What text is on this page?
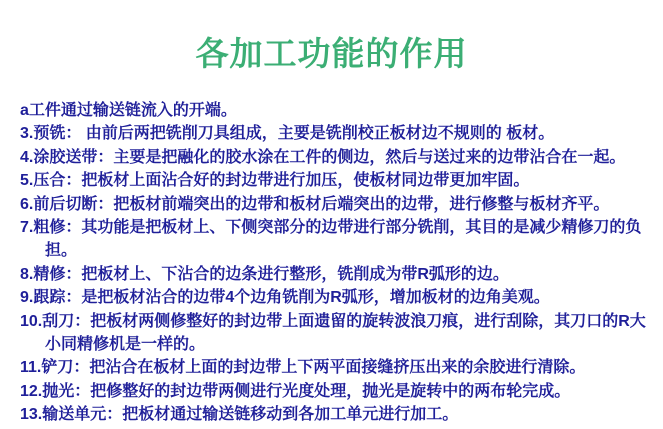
各加工功能的作用
a工件通过输送链流入的开端。
3.预铣： 由前后两把铣削刀具组成，主要是铣削校正板材边不规则的 板材。
4.涂胶送带：主要是把融化的胶水涂在工件的侧边，然后与送过来的边带沾合在一起。
5.压合：把板材上面沾合好的封边带进行加压，使板材同边带更加牢固。
6.前后切断：把板材前端突出的边带和板材后端突出的边带，进行修整与板材齐平。
7.粗修：其功能是把板材上、下侧突部分的边带进行部分铣削，其目的是减少精修刀的负担。
8.精修：把板材上、下沾合的边条进行整形，铣削成为带R弧形的边。
9.跟踪：是把板材沾合的边带4个边角铣削为R弧形，增加板材的边角美观。
10.刮刀：把板材两侧修整好的封边带上面遗留的旋转波浪刀痕，进行刮除，其刀口的R大小同精修机是一样的。
11.铲刀：把沾合在板材上面的封边带上下两平面接缝挤压出来的余胶进行清除。
12.抛光：把修整好的封边带两侧进行光度处理，抛光是旋转中的两布轮完成。
13.输送单元：把板材通过输送链移动到各加工单元进行加工。
